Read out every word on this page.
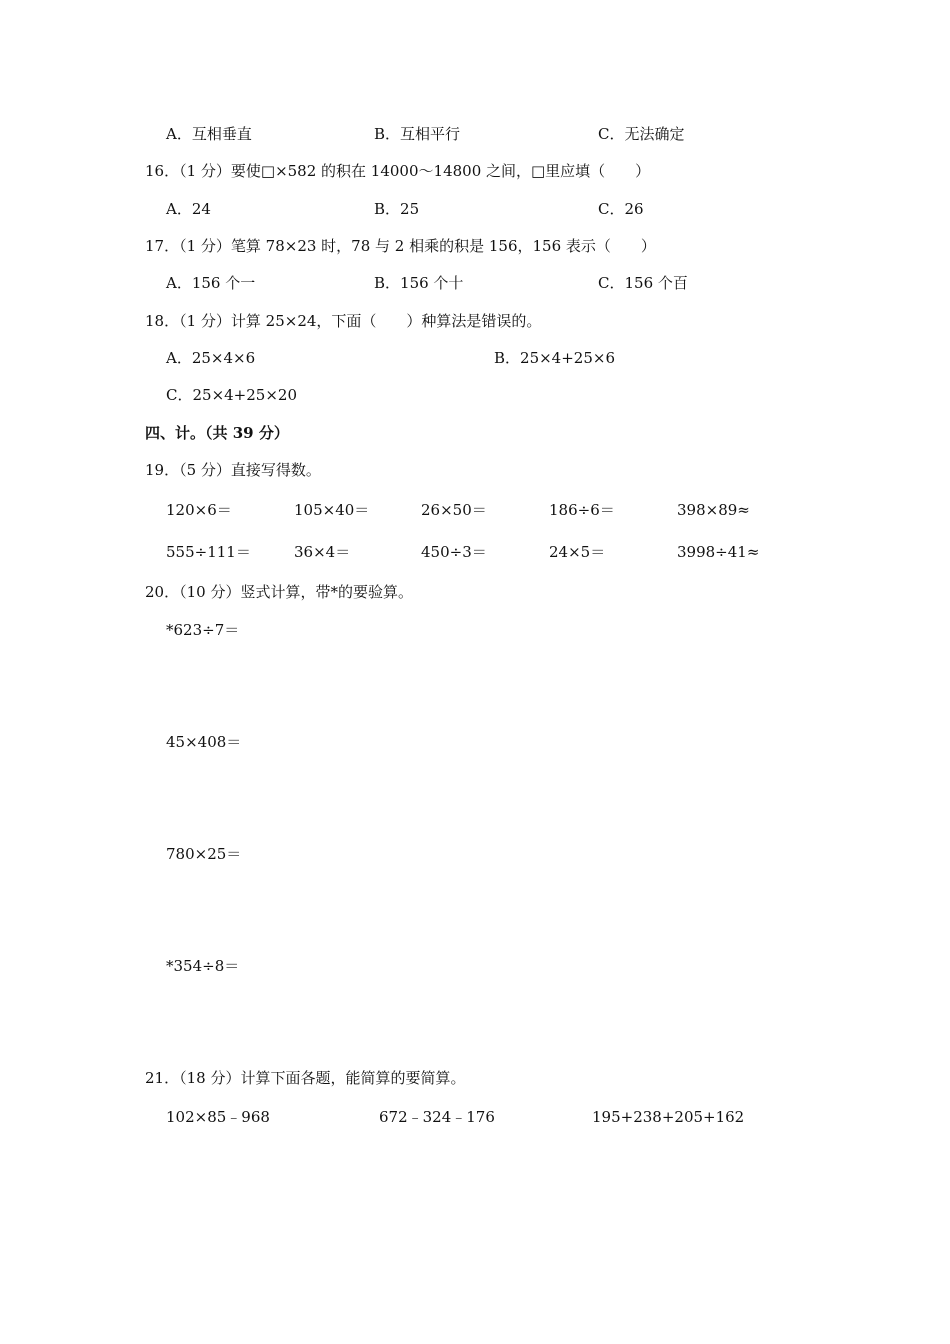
A．互相垂直	B．互相平行	C．无法确定
16．（1 分）要使□×582 的积在 14000～14800 之间，□里应填（　　）
A．24	B．25	C．26
17．（1 分）笔算 78×23 时，78 与 2 相乘的积是 156，156 表示（　　）
A．156 个一	B．156 个十	C．156 个百
18．（1 分）计算 25×24，下面（　　）种算法是错误的。
A．25×4×6	B．25×4+25×6
C．25×4+25×20
四、计。（共 39 分）
19．（5 分）直接写得数。
120×6＝	105×40＝	26×50＝	186÷6＝	398×89≈
555÷111＝	36×4＝	450÷3＝	24×5＝	3998÷41≈
20．（10 分）竖式计算，带*的要验算。
*623÷7＝
45×408＝
780×25＝
*354÷8＝
21．（18 分）计算下面各题，能简算的要简算。
102×85﹣968	672﹣324﹣176	195+238+205+162
